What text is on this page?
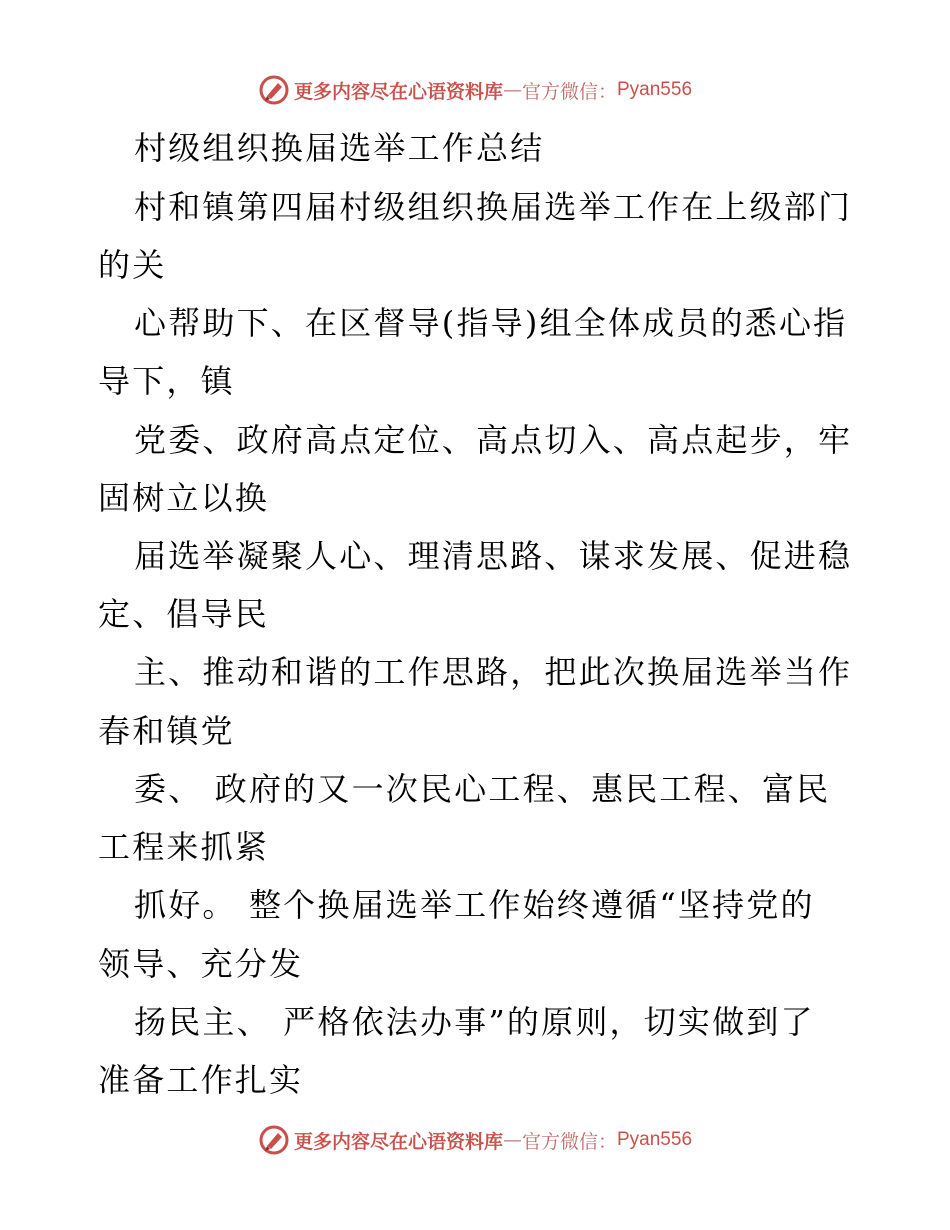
更多内容尽在心语资料库 — 官方微信： Pyan556
村级组织换届选举工作总结
村和镇第四届村级组织换届选举工作在上级部门
的关
心帮助下、在区督导(指导)组全体成员的悉心指
导下，镇
党委、政府高点定位、高点切入、高点起步，牢
固树立以换
届选举凝聚人心、理清思路、谋求发展、促进稳
定、倡导民
主、推动和谐的工作思路，把此次换届选举当作
春和镇党
委、 政府的又一次民心工程、惠民工程、富民
工程来抓紧
抓好。 整个换届选举工作始终遵循“坚持党的
领导、充分发
扬民主、 严格依法办事”的原则，切实做到了
准备工作扎实
更多内容尽在心语资料库 — 官方微信： Pyan556
